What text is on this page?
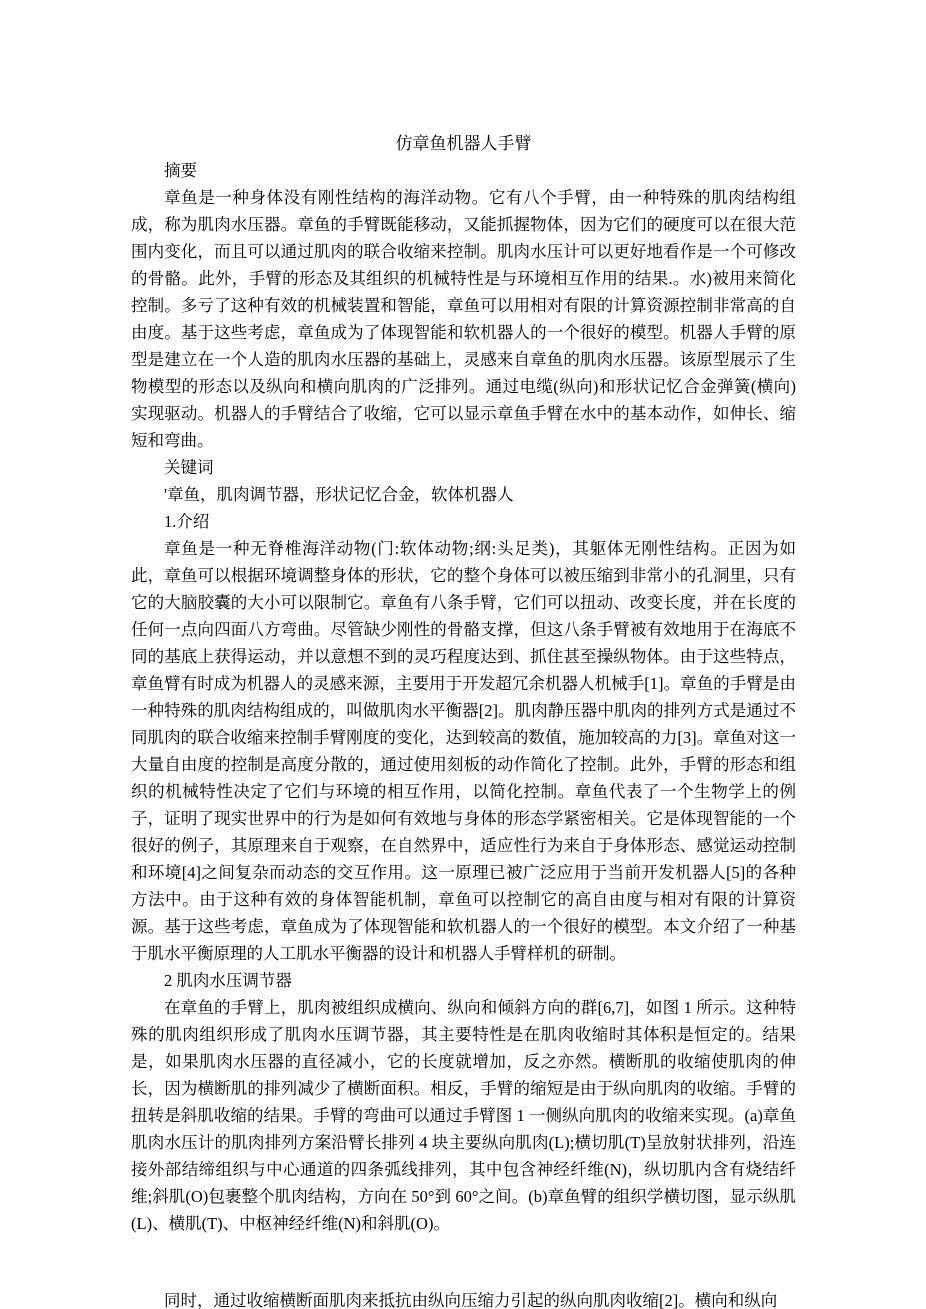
仿章鱼机器人手臂

摘要

章鱼是一种身体没有刚性结构的海洋动物。它有八个手臂，由一种特殊的肌肉结构组成，称为肌肉水压器。章鱼的手臂既能移动，又能抓握物体，因为它们的硬度可以在很大范围内变化，而且可以通过肌肉的联合收缩来控制。肌肉水压计可以更好地看作是一个可修改的骨骼。此外，手臂的形态及其组织的机械特性是与环境相互作用的结果.。水)被用来简化控制。多亏了这种有效的机械装置和智能，章鱼可以用相对有限的计算资源控制非常高的自由度。基于这些考虑，章鱼成为了体现智能和软机器人的一个很好的模型。机器人手臂的原型是建立在一个人造的肌肉水压器的基础上，灵感来自章鱼的肌肉水压器。该原型展示了生物模型的形态以及纵向和横向肌肉的广泛排列。通过电缆(纵向)和形状记忆合金弹簧(横向)实现驱动。机器人的手臂结合了收缩，它可以显示章鱼手臂在水中的基本动作，如伸长、缩短和弯曲。

关键词

'章鱼，肌肉调节器，形状记忆合金，软体机器人

1.介绍

章鱼是一种无脊椎海洋动物(门:软体动物;纲:头足类)，其躯体无刚性结构。正因为如此，章鱼可以根据环境调整身体的形状，它的整个身体可以被压缩到非常小的孔洞里，只有它的大脑胶囊的大小可以限制它。章鱼有八条手臂，它们可以扭动、改变长度，并在长度的任何一点向四面八方弯曲。尽管缺少刚性的骨骼支撑，但这八条手臂被有效地用于在海底不同的基底上获得运动，并以意想不到的灵巧程度达到、抓住甚至操纵物体。由于这些特点，章鱼臂有时成为机器人的灵感来源，主要用于开发超冗余机器人机械手[1]。章鱼的手臂是由一种特殊的肌肉结构组成的，叫做肌肉水平衡器[2]。肌肉静压器中肌肉的排列方式是通过不同肌肉的联合收缩来控制手臂刚度的变化，达到较高的数值，施加较高的力[3]。章鱼对这一大量自由度的控制是高度分散的，通过使用刻板的动作简化了控制。此外，手臂的形态和组织的机械特性决定了它们与环境的相互作用，以简化控制。章鱼代表了一个生物学上的例子，证明了现实世界中的行为是如何有效地与身体的形态学紧密相关。它是体现智能的一个很好的例子，其原理来自于观察，在自然界中，适应性行为来自于身体形态、感觉运动控制和环境[4]之间复杂而动态的交互作用。这一原理已被广泛应用于当前开发机器人[5]的各种方法中。由于这种有效的身体智能机制，章鱼可以控制它的高自由度与相对有限的计算资源。基于这些考虑，章鱼成为了体现智能和软机器人的一个很好的模型。本文介绍了一种基于肌水平衡原理的人工肌水平衡器的设计和机器人手臂样机的研制。

2 肌肉水压调节器

在章鱼的手臂上，肌肉被组织成横向、纵向和倾斜方向的群[6,7]，如图 1 所示。这种特殊的肌肉组织形成了肌肉水压调节器，其主要特性是在肌肉收缩时其体积是恒定的。结果是，如果肌肉水压器的直径减小，它的长度就增加，反之亦然。横断肌的收缩使肌肉的伸长，因为横断肌的排列减少了横断面积。相反，手臂的缩短是由于纵向肌肉的收缩。手臂的扭转是斜肌收缩的结果。手臂的弯曲可以通过手臂图 1 一侧纵向肌肉的收缩来实现。(a)章鱼肌肉水压计的肌肉排列方案沿臂长排列 4 块主要纵向肌肉(L);横切肌(T)呈放射状排列，沿连接外部结缔组织与中心通道的四条弧线排列，其中包含神经纤维(N)，纵切肌内含有烧结纤维;斜肌(O)包裹整个肌肉结构，方向在 50°到 60°之间。(b)章鱼臂的组织学横切图，显示纵肌(L)、横肌(T)、中枢神经纤维(N)和斜肌(O)。

同时，通过收缩横断面肌肉来抵抗由纵向压缩力引起的纵向肌肉收缩[2]。横向和纵向
